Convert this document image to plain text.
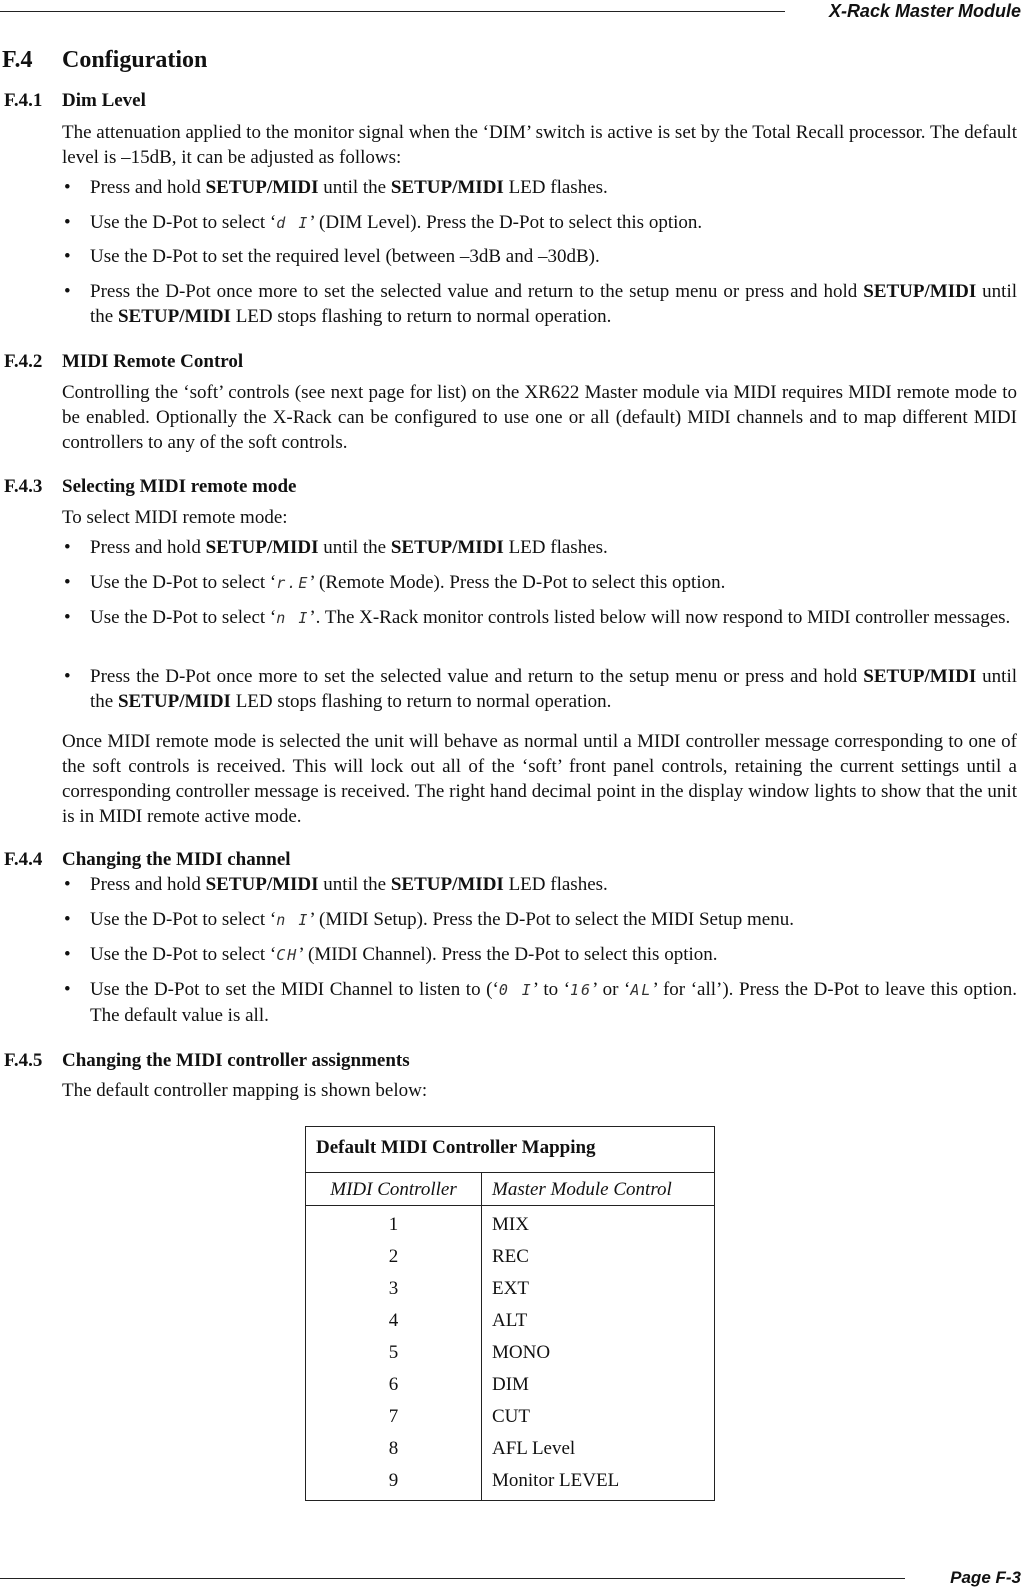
X-Rack Master Module
F.4 Configuration
F.4.1 Dim Level
The attenuation applied to the monitor signal when the ‘DIM’ switch is active is set by the Total Recall processor. The default level is –15dB, it can be adjusted as follows:
• Press and hold SETUP/MIDI until the SETUP/MIDI LED flashes.
• Use the D-Pot to select ‘d I’ (DIM Level). Press the D-Pot to select this option.
• Use the D-Pot to set the required level (between –3dB and –30dB).
• Press the D-Pot once more to set the selected value and return to the setup menu or press and hold SETUP/MIDI until the SETUP/MIDI LED stops flashing to return to normal operation.
F.4.2 MIDI Remote Control
Controlling the ‘soft’ controls (see next page for list) on the XR622 Master module via MIDI requires MIDI remote mode to be enabled. Optionally the X-Rack can be configured to use one or all (default) MIDI channels and to map different MIDI controllers to any of the soft controls.
F.4.3 Selecting MIDI remote mode
To select MIDI remote mode:
• Press and hold SETUP/MIDI until the SETUP/MIDI LED flashes.
• Use the D-Pot to select ‘r.E’ (Remote Mode). Press the D-Pot to select this option.
• Use the D-Pot to select ‘n I’. The X-Rack monitor controls listed below will now respond to MIDI controller messages.
• Press the D-Pot once more to set the selected value and return to the setup menu or press and hold SETUP/MIDI until the SETUP/MIDI LED stops flashing to return to normal operation.
Once MIDI remote mode is selected the unit will behave as normal until a MIDI controller message corresponding to one of the soft controls is received. This will lock out all of the ‘soft’ front panel controls, retaining the current settings until a corresponding controller message is received. The right hand decimal point in the display window lights to show that the unit is in MIDI remote active mode.
F.4.4 Changing the MIDI channel
• Press and hold SETUP/MIDI until the SETUP/MIDI LED flashes.
• Use the D-Pot to select ‘n I’ (MIDI Setup). Press the D-Pot to select the MIDI Setup menu.
• Use the D-Pot to select ‘CH’ (MIDI Channel). Press the D-Pot to select this option.
• Use the D-Pot to set the MIDI Channel to listen to (‘0 I’ to ‘16’ or ‘AL’ for ‘all’). Press the D-Pot to leave this option. The default value is all.
F.4.5 Changing the MIDI controller assignments
The default controller mapping is shown below:
Default MIDI Controller Mapping	
MIDI Controller	Master Module Control
1	MIX
2	REC
3	EXT
4	ALT
5	MONO
6	DIM
7	CUT
8	AFL Level
9	Monitor LEVEL
Page F-3
